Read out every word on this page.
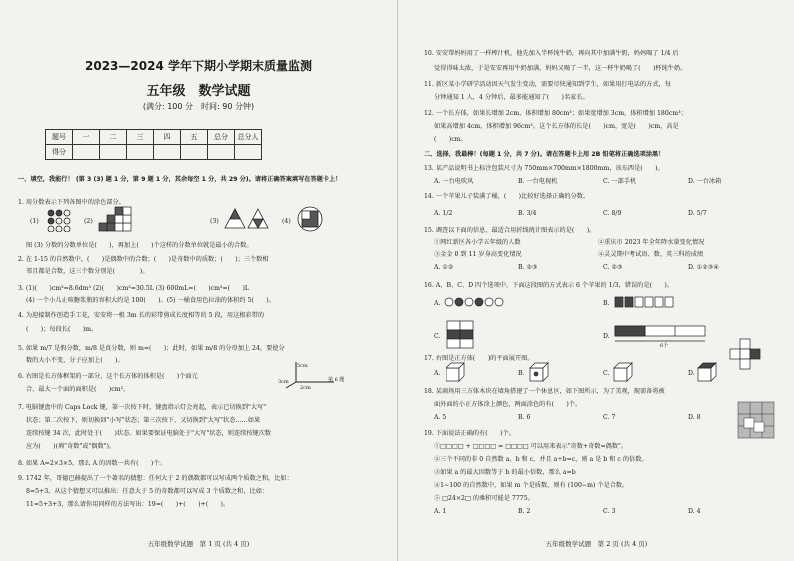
2023—2024 学年下期小学期末质量监测
五年级　数学试题
(满分: 100 分　时间: 90 分钟)
题号	一	二	三	四	五	总分	总分人
得分							
一、填空，我能行！ (第 3 (3) 题 1 分，第 9 题 1 分，其余每空 1 分，共 29 分)。请将正确答案填写在答题卡上！
1. 用分数表示下列各图中的涂色部分。
(1)	(2)	(3)	(4)
图 (3) 分数的分数单位是(　　)，再加上(　　)个这样的分数单位就是最小的合数。
2. 在 1-15 的自然数中，(　　)是偶数中的合数；(　　)是奇数中的质数；(　　)；三个数相
邻且都是合数，这三个数分别是(　　　　)。
3. (1)(　　)cm³=8.6dm³ (2)(　　)cm³=30.5L (3) 600mL=(　　)cm³=(　　)L
(4) 一个小儿止咳糖浆瓶的容积大约是 100(　　)。(5) 一桶食用色拉油的体积约 5(　　)。
4. 为迎接制作创造手工花，安安将一根 3m 长的彩带剪成长度相等的 5 段，用这根彩带的
(　　)；每段长(　　)m。
5. 如果 m/7 是假分数，m/8 是真分数，则 m=(　　)；此时，如果 m/8 的分母加上 24，要使分
数的大小不变，分子应加上(　　)。
6. 右图是长方体框架的一部分，这个长方体的体积是(　　)个面元
合，最大一个面的面积是(　　)cm²。
5cm
3cm
2cm
第 6 题
7. 电脑键盘中的 Caps Lock 键，第一次按下时，键盘指示灯会亮起，表示已切换到"大写"
状态；第二次按下，则切换回"小写"状态；第三次按下，又切换到"大写"状态……如果
连续按键 34 次，此时处于(　　)状态。如果要保证电脑处于"大写"状态，则连续按键次数
应为(　　)(填"奇数"或"偶数")。
8. 如果 A=2×3×5，那么 A 的因数一共有(　　)个。
9. 1742 年，哥德巴赫提出了一个著名的猜想：任何大于 2 的偶数都可以写成两个质数之和，比如：
8=5+3。从这个猜想又可以推出：任意大于 5 的奇数都可以写成 3 个质数之和，比如：
11=5+3+3，那么请你用同样的方法写出：19=(　　)+(　　)+(　　)。
五年级数学试题　第 1 页 (共 4 页)
10. 安安帮妈妈用了一样榨汁机，他先加入半杯纯牛奶，再向其中加满牛奶，妈妈喝了 1/4 后
觉得得味太浓，于是安安再用牛奶加满，妈妈又喝了一半，这一杯牛奶喝了(　　)杯纯牛奶。
11. 新区某小学研学活动因天气发生变动，需要尽快通知到学生，如果用打电话的方式，每
分钟通知 1 人，4 分钟后，最多能通知了(　　)名家长。
12. 一个长方体，如果长增加 2cm，体积增加 80cm³；如果宽增加 3cm，体积增加 180cm³；
如果高增加 4cm，体积增加 96cm³。这个长方体的长是(　　)cm，宽是(　　)cm，高是
(　　)cm。
二、选择，我最棒！(每题 1 分，共 7 分)。请在答题卡上用 2B 铅笔将正确选项涂黑！
13. 某产品说明书上标注包装尺寸为 750mm×700mm×1800mm，该东西是(　　)。
A. 一台电吹风	B. 一台电视机	C. 一部手机	D. 一台冰箱
14. 一个苹果儿子装满了桶，(　　)比较好选择正确的分数。
A. 1/2	B. 3/4	C. 8/9	D. 5/7
15. 调查以下面的信息，最适合用折线统计图表示的是(　　)。
①网红新区各小学五年级的人数	②重庆市 2023 年全年降水量变化情况
③金金 0 到 11 岁身高变化情况	④灵灵期中考试语、数、英三科的成绩
A. ①②	B. ②③	C. ②③	D. ①②③④
16. A、B、C、D 四个选项中，下面这段图的方式表示 6 个苹果的 1/3，错误的是(　　)。
A.	B.
C.	D.
6个
17. 右图是正方体(　　)的平面展开图。
A.	B.	C.	D.
18. 某商场用三方体木块在墙角搭建了一个休息区，如下图所示，为了美观，现需备将被
面外面的小正方体涂上颜色，两面涂色的有(　　)个。
A. 5	B. 6	C. 7	D. 8
19. 下面说法正确的有(　　)个。
①□□□□ + □□□□ = □□□□ 可以用来表示"奇数+奇数=偶数"。
②三个不同的非 0 自然数 a、b 和 c，并且 a÷b=c，则 a 是 b 和 c 的倍数。
③如果 a 的最大因数等于 b 的最小倍数，那么 a=b
④1~100 的自然数中，如果 m 个是质数，则有 (100−m) 个是合数。
⑤ □24×2□ 的乘积可能是 7775。
A. 1	B. 2	C. 3	D. 4
五年级数学试题　第 2 页 (共 4 页)
